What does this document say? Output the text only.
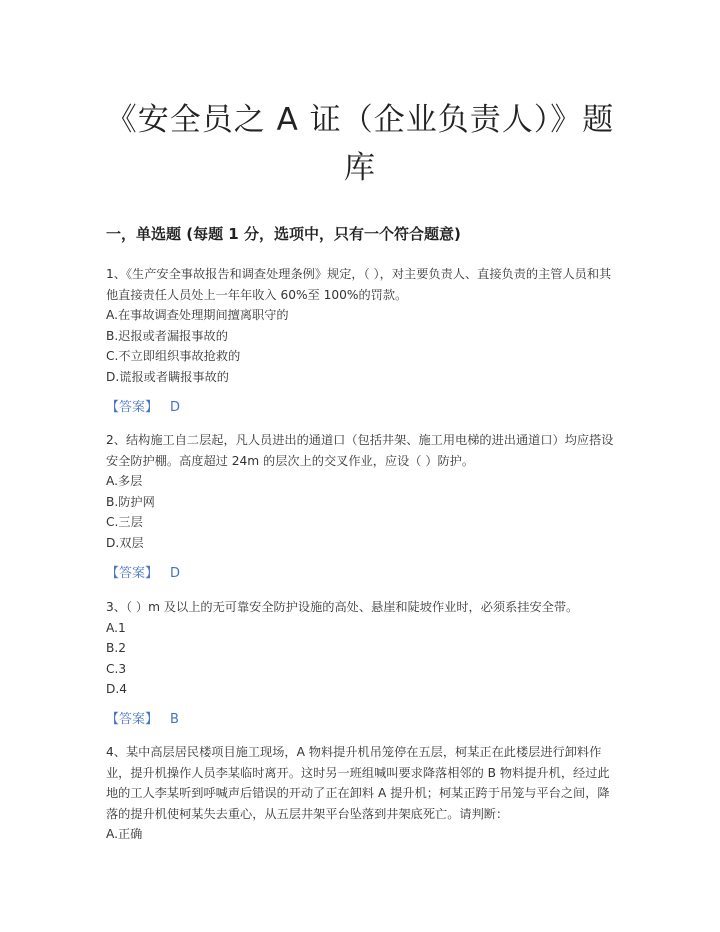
《安全员之 A 证（企业负责人）》题库
一，单选题 (每题 1 分，选项中，只有一个符合题意)

1、《生产安全事故报告和调查处理条例》规定，（ ），对主要负责人、直接负责的主管人员和其他直接责任人员处上一年年收入 60%至 100%的罚款。

A.在事故调查处理期间擅离职守的

B.迟报或者漏报事故的

C.不立即组织事故抢救的

D.谎报或者瞒报事故的

【答案】 D

2、结构施工自二层起，凡人员进出的通道口（包括井架、施工用电梯的进出通道口）均应搭设安全防护棚。高度超过 24m 的层次上的交叉作业，应设（ ）防护。

A.多层

B.防护网

C.三层

D.双层

【答案】 D

3、（ ）m 及以上的无可靠安全防护设施的高处、悬崖和陡坡作业时，必须系挂安全带。

A.1

B.2

C.3

D.4

【答案】 B

4、某中高层居民楼项目施工现场，A 物料提升机吊笼停在五层，柯某正在此楼层进行卸料作业，提升机操作人员李某临时离开。这时另一班组喊叫要求降落相邻的 B 物料提升机，经过此地的工人李某听到呼喊声后错误的开动了正在卸料 A 提升机；柯某正跨于吊笼与平台之间，降落的提升机使柯某失去重心，从五层井架平台坠落到井架底死亡。请判断：

A.正确
